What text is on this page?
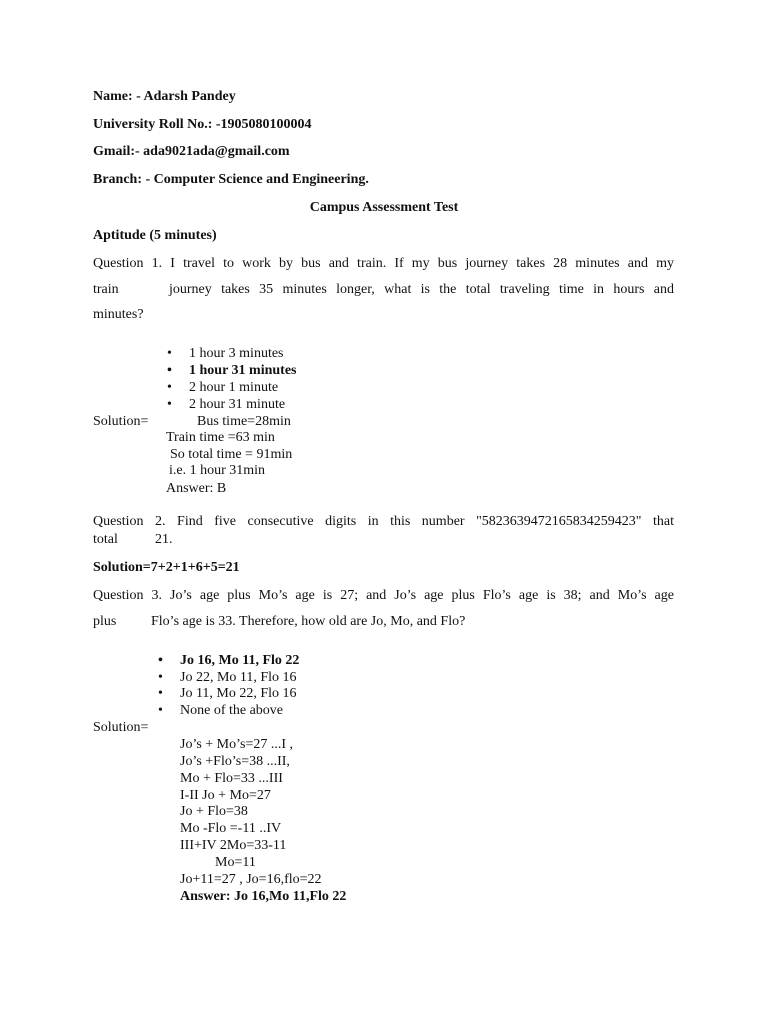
Name: - Adarsh Pandey
University Roll No.: -1905080100004
Gmail:- ada9021ada@gmail.com
Branch: - Computer Science and Engineering.
Campus Assessment Test
Aptitude (5 minutes)
Question 1. I travel to work by bus and train. If my bus journey takes 28 minutes and my
train	journey takes 35 minutes longer, what is the total traveling time in hours and
minutes?
• 1 hour 3 minutes
• 1 hour 31 minutes
• 2 hour 1 minute
• 2 hour 31 minute
Solution=	Bus time=28min
Train time =63 min
So total time = 91min
i.e. 1 hour 31min
Answer: B
Question 2. Find five consecutive digits in this number "5823639472165834259423" that
total	21.
Solution=7+2+1+6+5=21
Question 3. Jo’s age plus Mo’s age is 27; and Jo’s age plus Flo’s age is 38; and Mo’s age
plus Flo’s age is 33. Therefore, how old are Jo, Mo, and Flo?
• Jo 16, Mo 11, Flo 22
• Jo 22, Mo 11, Flo 16
• Jo 11, Mo 22, Flo 16
• None of the above
Solution=
Jo’s + Mo’s=27 ...I ,
Jo’s +Flo’s=38 ...II,
Mo + Flo=33 ...III
I-II Jo + Mo=27
Jo + Flo=38
Mo -Flo =-11 ..IV
III+IV 2Mo=33-11
Mo=11
Jo+11=27 , Jo=16,flo=22
Answer: Jo 16,Mo 11,Flo 22
